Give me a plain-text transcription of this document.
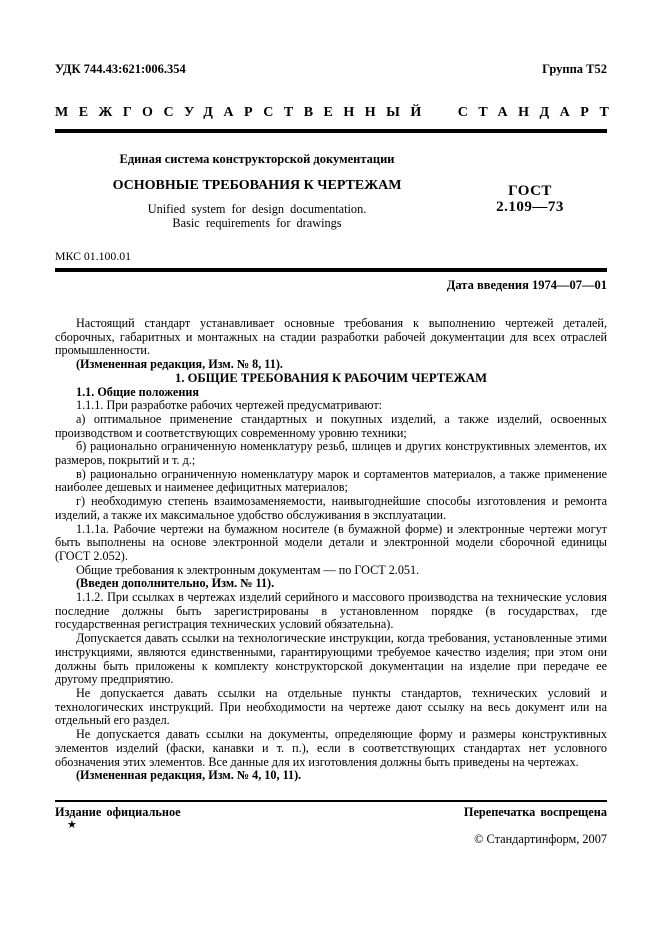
УДК 744.43:621:006.354	Группа Т52
МЕЖГОСУДАРСТВЕННЫЙ СТАНДАРТ
Единая система конструкторской документации
ОСНОВНЫЕ ТРЕБОВАНИЯ К ЧЕРТЕЖАМ
Unified system for design documentation.
Basic requirements for drawings
ГОСТ
2.109—73
МКС 01.100.01
Дата введения 1974—07—01

Настоящий стандарт устанавливает основные требования к выполнению чертежей деталей, сборочных, габаритных и монтажных на стадии разработки рабочей документации для всех отраслей промышленности.

(Измененная редакция, Изм. № 8, 11).

1. ОБЩИЕ ТРЕБОВАНИЯ К РАБОЧИМ ЧЕРТЕЖАМ

1.1. Общие положения

1.1.1. При разработке рабочих чертежей предусматривают:

а) оптимальное применение стандартных и покупных изделий, а также изделий, освоенных производством и соответствующих современному уровню техники;

б) рационально ограниченную номенклатуру резьб, шлицев и других конструктивных элементов, их размеров, покрытий и т. д.;

в) рационально ограниченную номенклатуру марок и сортаментов материалов, а также применение наиболее дешевых и наименее дефицитных материалов;

г) необходимую степень взаимозаменяемости, наивыгоднейшие способы изготовления и ремонта изделий, а также их максимальное удобство обслуживания в эксплуатации.

1.1.1а. Рабочие чертежи на бумажном носителе (в бумажной форме) и электронные чертежи могут быть выполнены на основе электронной модели детали и электронной модели сборочной единицы (ГОСТ 2.052).

Общие требования к электронным документам — по ГОСТ 2.051.

(Введен дополнительно, Изм. № 11).

1.1.2. При ссылках в чертежах изделий серийного и массового производства на технические условия последние должны быть зарегистрированы в установленном порядке (в государствах, где государственная регистрация технических условий обязательна).

Допускается давать ссылки на технологические инструкции, когда требования, установленные этими инструкциями, являются единственными, гарантирующими требуемое качество изделия; при этом они должны быть приложены к комплекту конструкторской документации на изделие при передаче ее другому предприятию.

Не допускается давать ссылки на отдельные пункты стандартов, технических условий и технологических инструкций. При необходимости на чертеже дают ссылку на весь документ или на отдельный его раздел.

Не допускается давать ссылки на документы, определяющие форму и размеры конструктивных элементов изделий (фаски, канавки и т. п.), если в соответствующих стандартах нет условного обозначения этих элементов. Все данные для их изготовления должны быть приведены на чертежах.

(Измененная редакция, Изм. № 4, 10, 11).

Издание официальное	Перепечатка воспрещена
★
© Стандартинформ, 2007
